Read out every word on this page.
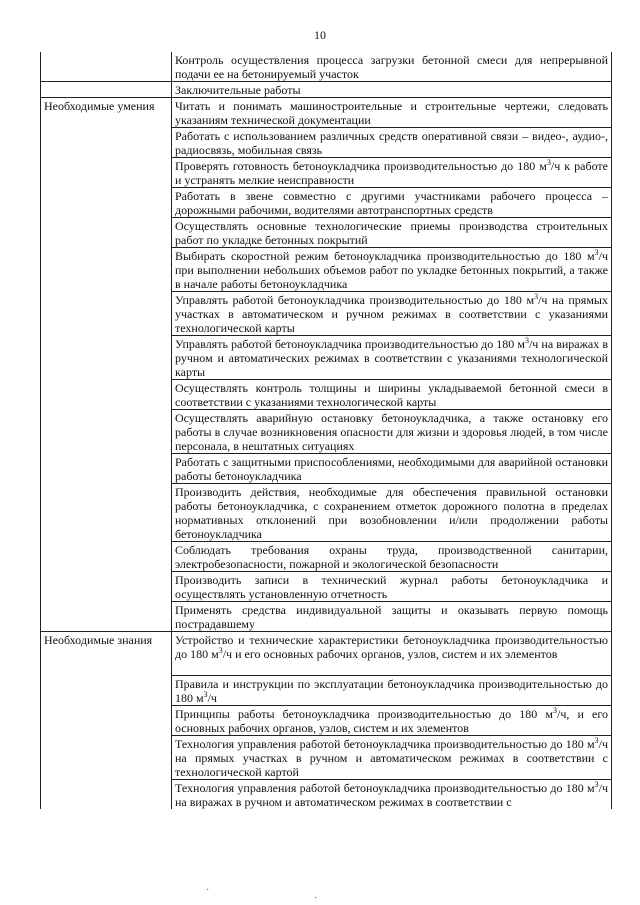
10

	Контроль осуществления процесса загрузки бетонной смеси для непрерывной подачи ее на бетонируемый участок

	Заключительные работы

Необходимые умения	Читать и понимать машиностроительные и строительные чертежи, следовать указаниям технической документации

	Работать с использованием различных средств оперативной связи – видео-, аудио-, радиосвязь, мобильная связь

	Проверять готовность бетоноукладчика производительностью до 180 $м^3/ч$ к работе и устранять мелкие неисправности

	Работать в звене совместно с другими участниками рабочего процесса – дорожными рабочими, водителями автотранспортных средств

	Осуществлять основные технологические приемы производства строительных работ по укладке бетонных покрытий

	Выбирать скоростной режим бетоноукладчика производительностью до 180 $м^3/ч$ при выполнении небольших объемов работ по укладке бетонных покрытий, а также в начале работы бетоноукладчика

	Управлять работой бетоноукладчика производительностью до 180 $м^3/ч$ на прямых участках в автоматическом и ручном режимах в соответствии с указаниями технологической карты

	Управлять работой бетоноукладчика производительностью до 180 $м^3/ч$ на виражах в ручном и автоматических режимах в соответствии с указаниями технологической карты

	Осуществлять контроль толщины и ширины укладываемой бетонной смеси в соответствии с указаниями технологической карты

	Осуществлять аварийную остановку бетоноукладчика, а также остановку его работы в случае возникновения опасности для жизни и здоровья людей, в том числе персонала, в нештатных ситуациях

	Работать с защитными приспособлениями, необходимыми для аварийной остановки работы бетоноукладчика

	Производить действия, необходимые для обеспечения правильной остановки работы бетоноукладчика, с сохранением отметок дорожного полотна в пределах нормативных отклонений при возобновлении и/или продолжении работы бетоноукладчика

	Соблюдать требования охраны труда, производственной санитарии, электробезопасности, пожарной и экологической безопасности

	Производить записи в технический журнал работы бетоноукладчика и осуществлять установленную отчетность

	Применять средства индивидуальной защиты и оказывать первую помощь пострадавшему

Необходимые знания	Устройство и технические характеристики бетоноукладчика производительностью до 180 $м^3/ч$ и его основных рабочих органов, узлов, систем и их элементов

	Правила и инструкции по эксплуатации бетоноукладчика производительностью до 180 $м^3/ч$

	Принципы работы бетоноукладчика производительностью до 180 $м^3/ч$, и его основных рабочих органов, узлов, систем и их элементов

	Технология управления работой бетоноукладчика производительностью до 180 $м^3/ч$ на прямых участках в ручном и автоматическом режимах в соответствии с технологической картой

	Технология управления работой бетоноукладчика производительностью до 180 $м^3/ч$ на виражах в ручном и автоматическом режимах в соответствии с
·
·
